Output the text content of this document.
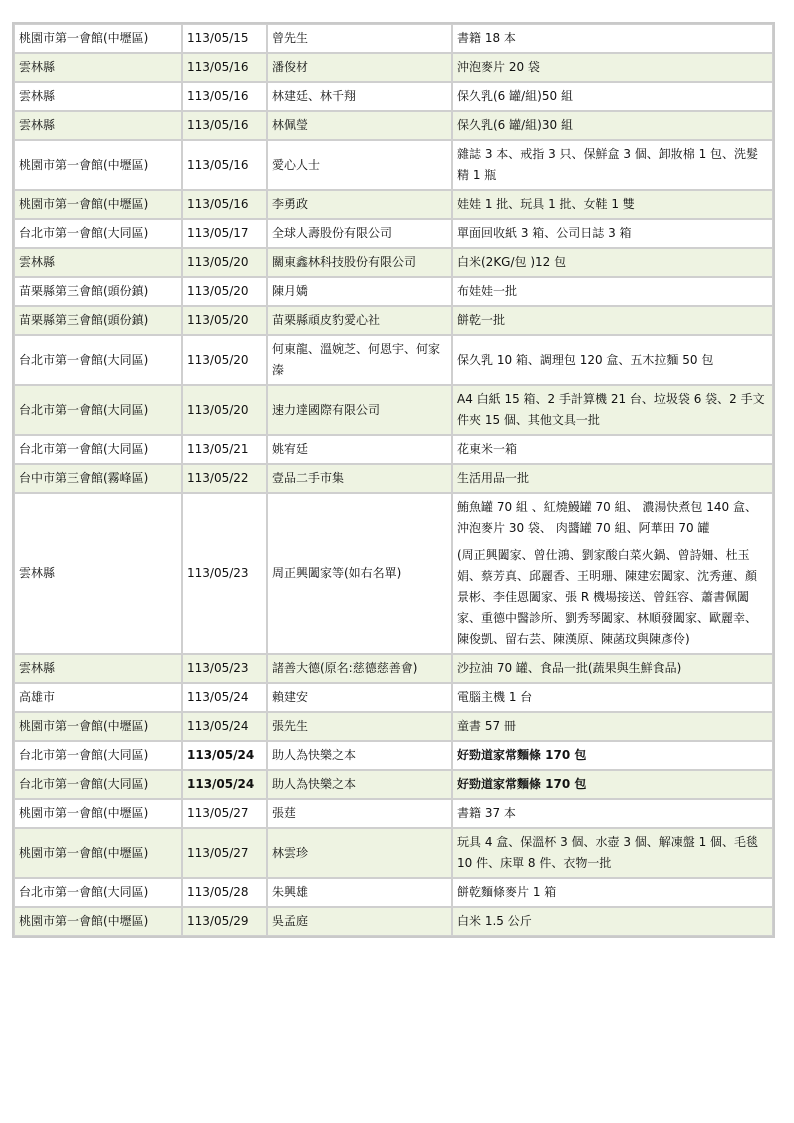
桃園市第一會館(中壢區)	113/05/15	曾先生	書籍 18 本
雲林縣	113/05/16	潘俊材	沖泡麥片 20 袋
雲林縣	113/05/16	林建廷、林千翔	保久乳(6 罐/組)50 組
雲林縣	113/05/16	林佩瑩	保久乳(6 罐/組)30 組
桃園市第一會館(中壢區)	113/05/16	愛心人士	雜誌 3 本、戒指 3 只、保鮮盒 3 個、卸妝棉 1 包、洗髮精 1 瓶
桃園市第一會館(中壢區)	113/05/16	李勇政	娃娃 1 批、玩具 1 批、女鞋 1 雙
台北市第一會館(大同區)	113/05/17	全球人壽股份有限公司	單面回收紙 3 箱、公司日誌 3 箱
雲林縣	113/05/20	關東鑫林科技股份有限公司	白米(2KG/包 )12 包
苗栗縣第三會館(頭份鎮)	113/05/20	陳月嬌	布娃娃一批
苗栗縣第三會館(頭份鎮)	113/05/20	苗栗縣頑皮豹愛心社	餅乾一批
台北市第一會館(大同區)	113/05/20	何東龍、溫婉芝、何恩宇、何家溱	保久乳 10 箱、調理包 120 盒、五木拉麵 50 包
台北市第一會館(大同區)	113/05/20	速力達國際有限公司	A4 白紙 15 箱、2 手計算機 21 台、垃圾袋 6 袋、2 手文件夾 15 個、其他文具一批
台北市第一會館(大同區)	113/05/21	姚宥廷	花東米一箱
台中市第三會館(霧峰區)	113/05/22	壹品二手市集	生活用品一批
雲林縣	113/05/23	周正興闔家等(如右名單)	鮪魚罐 70 組 、紅燒鰻罐 70 組、 濃湯快煮包 140 盒、 沖泡麥片 30 袋、 肉醬罐 70 組、阿華田 70 罐
(周正興闔家、曾仕鴻、劉家酸白菜火鍋、曾詩姍、杜玉娟、蔡芳真、邱麗香、王明珊、陳建宏闔家、沈秀蓮、顏景彬、李佳恩闔家、張 R 機場接送、曾鈺容、蕭書佩闔家、重德中醫診所、劉秀琴闔家、林順發闔家、歐麗幸、陳俊凱、留右芸、陳漢原、陳菡玟與陳彥伶)

雲林縣	113/05/23	諸善大德(原名:慈德慈善會)	沙拉油 70 罐、食品一批(蔬果與生鮮食品)
高雄市	113/05/24	賴建安	電腦主機 1 台
桃園市第一會館(中壢區)	113/05/24	張先生	童書 57 冊
台北市第一會館(大同區)	113/05/24	助人為快樂之本	好勁道家常麵條 170 包
台北市第一會館(大同區)	113/05/24	助人為快樂之本	好勁道家常麵條 170 包
桃園市第一會館(中壢區)	113/05/27	張莛	書籍 37 本
桃園市第一會館(中壢區)	113/05/27	林雲珍	玩具 4 盒、保溫杯 3 個、水壺 3 個、解凍盤 1 個、毛毯 10 件、床單 8 件、衣物一批
台北市第一會館(大同區)	113/05/28	朱興雄	餅乾麵條麥片 1 箱
桃園市第一會館(中壢區)	113/05/29	吳孟庭	白米 1.5 公斤
